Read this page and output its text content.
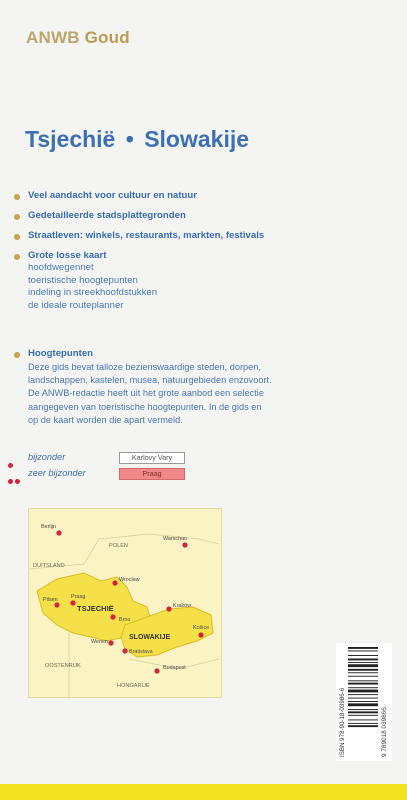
ANWB Goud
Tsjechië • Slowakije
Veel aandacht voor cultuur en natuur
Gedetailleerde stadsplattegronden
Straatleven: winkels, restaurants, markten, festivals
Grote losse kaart
hoofdwegennet
toeristische hoogtepunten
indeling in streekhoofdstukken
de ideale routeplanner
Hoogtepunten
Deze gids bevat talloze bezienswaardige steden, dorpen,
landschappen, kastelen, musea, natuurgebieden enzovoort.
De ANWB-redactie heeft uit het grote aanbod een selectie
aangegeven van toeristische hoogtepunten. In de gids en
op de kaart worden die apart vermeld.
bijzonder	Karlovy Vary
zeer bijzonder	Praag
POLEN
DUITSLAND
TSJECHIË
SLOWAKIJE
OOSTENRIJK
HONGARIJE
Berlijn
Warschau
Wroclaw
Pilsen Praag
Brno
Kraków
Košice
Wenen
Bratislava
Budapest
ISBN 978-90-18-03986-6	9 789018 039866
